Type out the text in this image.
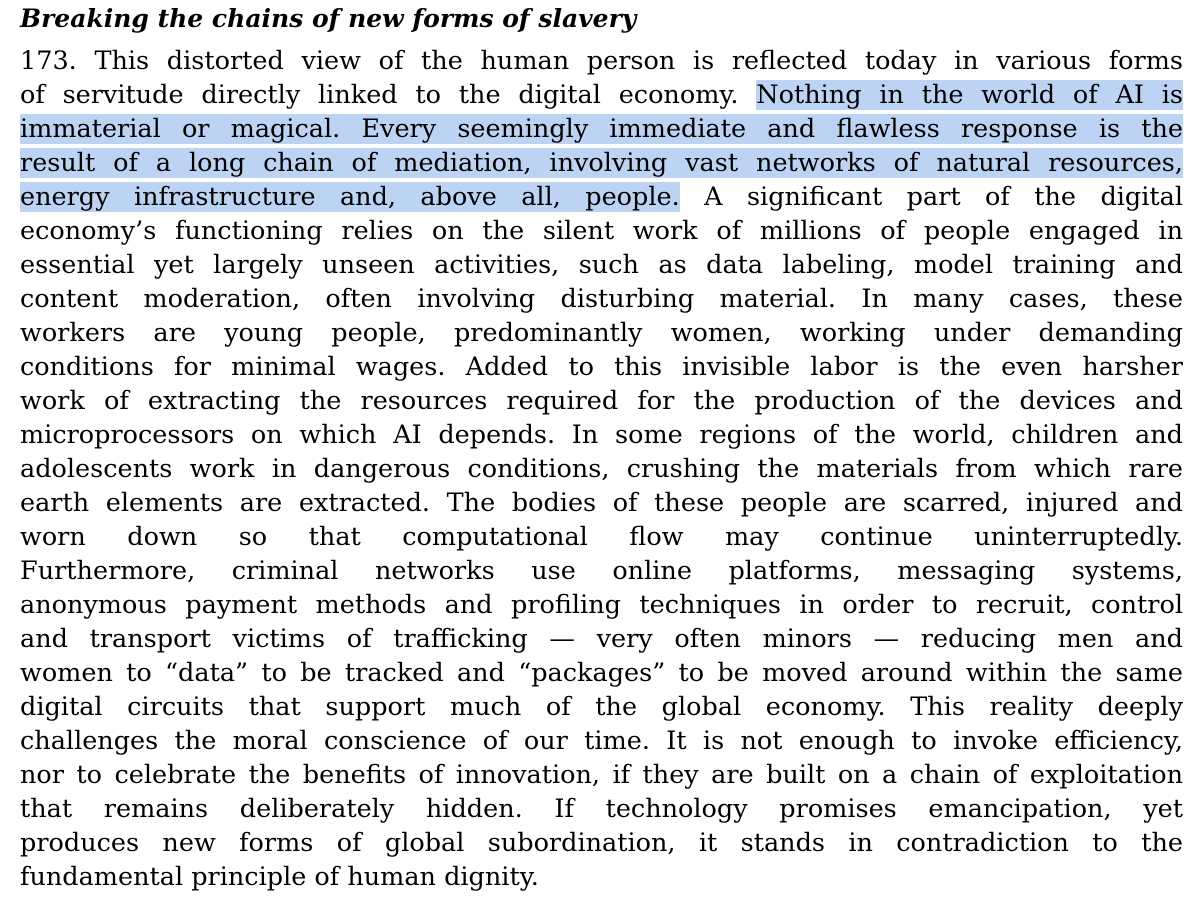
Breaking the chains of new forms of slavery
173. This distorted view of the human person is reflected today in various forms
of servitude directly linked to the digital economy. Nothing in the world of AI is
immaterial or magical. Every seemingly immediate and flawless response is the
result of a long chain of mediation, involving vast networks of natural resources,
energy infrastructure and, above all, people. A significant part of the digital
economy’s functioning relies on the silent work of millions of people engaged in
essential yet largely unseen activities, such as data labeling, model training and
content moderation, often involving disturbing material. In many cases, these
workers are young people, predominantly women, working under demanding
conditions for minimal wages. Added to this invisible labor is the even harsher
work of extracting the resources required for the production of the devices and
microprocessors on which AI depends. In some regions of the world, children and
adolescents work in dangerous conditions, crushing the materials from which rare
earth elements are extracted. The bodies of these people are scarred, injured and
worn down so that computational flow may continue uninterruptedly.
Furthermore, criminal networks use online platforms, messaging systems,
anonymous payment methods and profiling techniques in order to recruit, control
and transport victims of trafficking — very often minors — reducing men and
women to “data” to be tracked and “packages” to be moved around within the same
digital circuits that support much of the global economy. This reality deeply
challenges the moral conscience of our time. It is not enough to invoke efficiency,
nor to celebrate the benefits of innovation, if they are built on a chain of exploitation
that remains deliberately hidden. If technology promises emancipation, yet
produces new forms of global subordination, it stands in contradiction to the
fundamental principle of human dignity.
